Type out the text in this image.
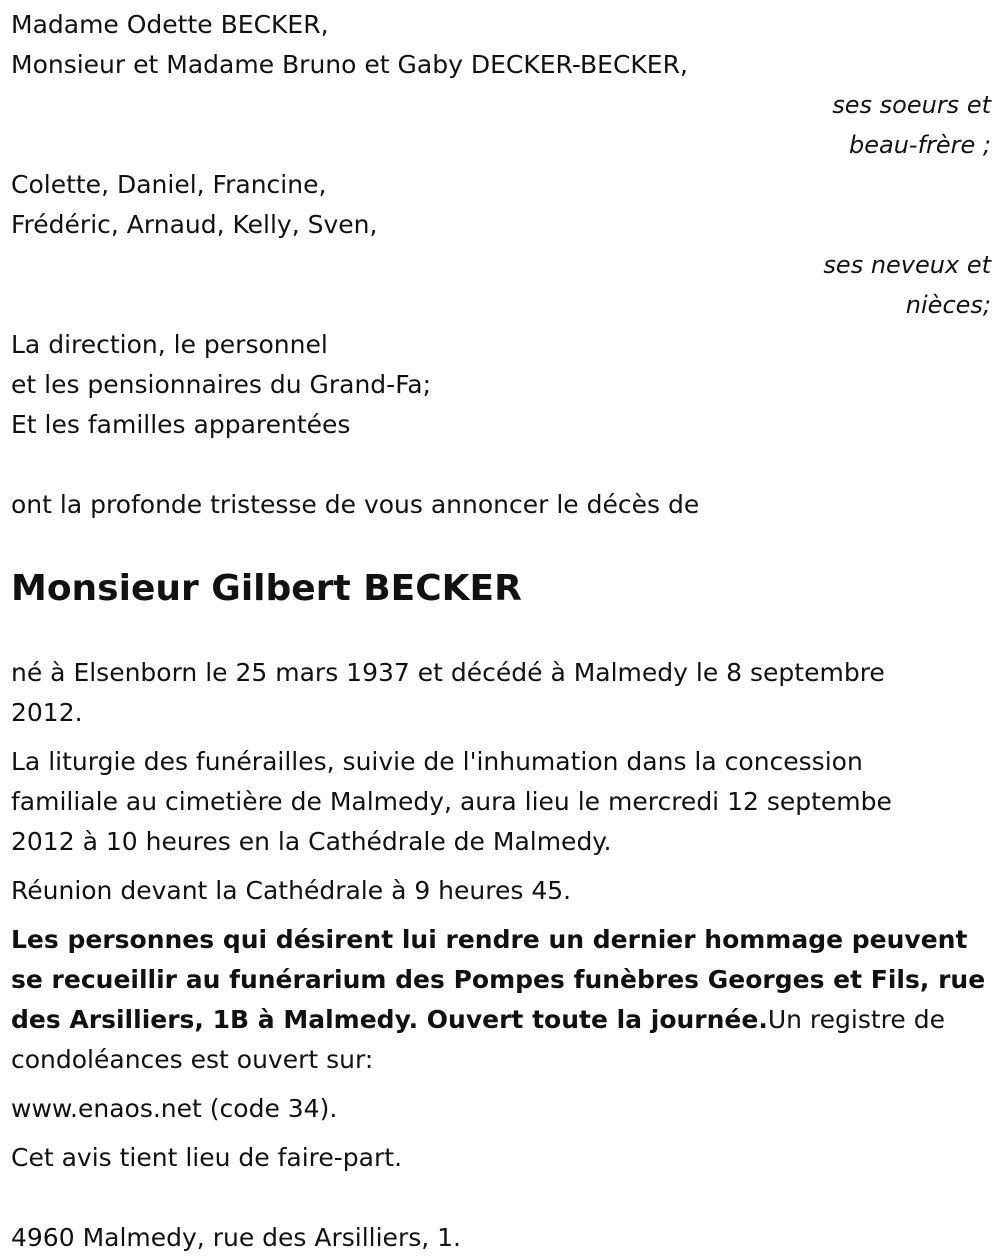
Madame Odette BECKER,
Monsieur et Madame Bruno et Gaby DECKER-BECKER,
ses soeurs et
beau-frère ;
Colette, Daniel, Francine,
Frédéric, Arnaud, Kelly, Sven,
ses neveux et
nièces;
La direction, le personnel
et les pensionnaires du Grand-Fa;
Et les familles apparentées
ont la profonde tristesse de vous annoncer le décès de
Monsieur Gilbert BECKER
né à Elsenborn le 25 mars 1937 et décédé à Malmedy le 8 septembre
2012.
La liturgie des funérailles, suivie de l'inhumation dans la concession
familiale au cimetière de Malmedy, aura lieu le mercredi 12 septembe
2012 à 10 heures en la Cathédrale de Malmedy.
Réunion devant la Cathédrale à 9 heures 45.
Les personnes qui désirent lui rendre un dernier hommage peuvent
se recueillir au funérarium des Pompes funèbres Georges et Fils, rue
des Arsilliers, 1B à Malmedy. Ouvert toute la journée.Un registre de
condoléances est ouvert sur:
www.enaos.net (code 34).
Cet avis tient lieu de faire-part.
4960 Malmedy, rue des Arsilliers, 1.
